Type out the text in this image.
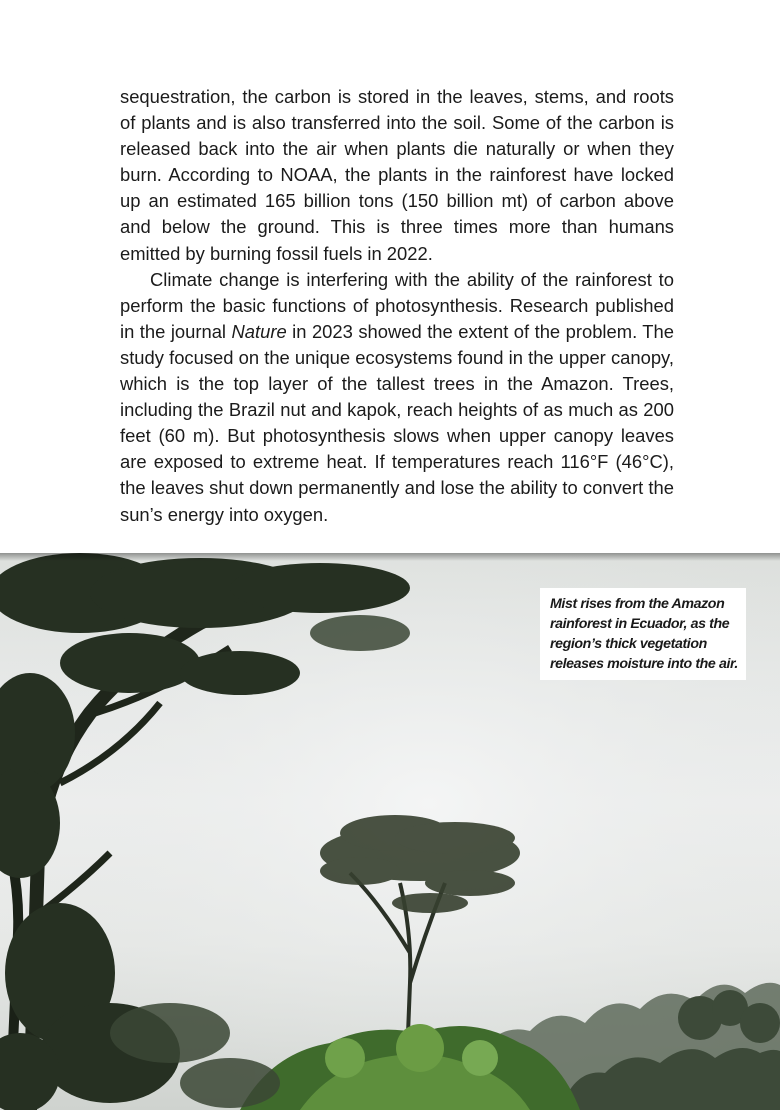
sequestration, the carbon is stored in the leaves, stems, and roots of plants and is also transferred into the soil. Some of the carbon is released back into the air when plants die naturally or when they burn. According to NOAA, the plants in the rainforest have locked up an estimated 165 billion tons (150 billion mt) of carbon above and below the ground. This is three times more than humans emitted by burning fossil fuels in 2022.

Climate change is interfering with the ability of the rainforest to perform the basic functions of photosynthesis. Research published in the journal Nature in 2023 showed the extent of the problem. The study focused on the unique ecosystems found in the upper canopy, which is the top layer of the tallest trees in the Amazon. Trees, including the Brazil nut and kapok, reach heights of as much as 200 feet (60 m). But photosynthesis slows when upper canopy leaves are exposed to extreme heat. If temperatures reach 116°F (46°C), the leaves shut down permanently and lose the ability to convert the sun’s energy into oxygen.

Mist rises from the Amazon rainforest in Ecuador, as the region’s thick vegetation releases moisture into the air.
